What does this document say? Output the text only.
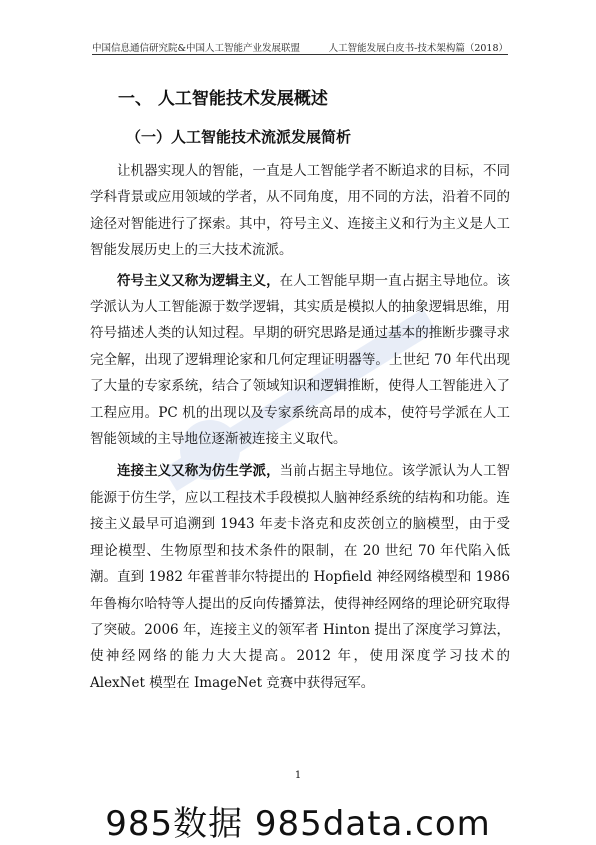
中国信息通信研究院&中国人工智能产业发展联盟	人工智能发展白皮书-技术架构篇（2018）
一、 人工智能技术发展概述
（一）人工智能技术流派发展简析

让机器实现人的智能，一直是人工智能学者不断追求的目标，不同学科背景或应用领域的学者，从不同角度，用不同的方法，沿着不同的途径对智能进行了探索。其中，符号主义、连接主义和行为主义是人工智能发展历史上的三大技术流派。

符号主义又称为逻辑主义，在人工智能早期一直占据主导地位。该学派认为人工智能源于数学逻辑，其实质是模拟人的抽象逻辑思维，用符号描述人类的认知过程。早期的研究思路是通过基本的推断步骤寻求完全解，出现了逻辑理论家和几何定理证明器等。上世纪 70 年代出现了大量的专家系统，结合了领域知识和逻辑推断，使得人工智能进入了工程应用。PC 机的出现以及专家系统高昂的成本，使符号学派在人工智能领域的主导地位逐渐被连接主义取代。

连接主义又称为仿生学派，当前占据主导地位。该学派认为人工智能源于仿生学，应以工程技术手段模拟人脑神经系统的结构和功能。连接主义最早可追溯到 1943 年麦卡洛克和皮茨创立的脑模型，由于受理论模型、生物原型和技术条件的限制，在 20 世纪 70 年代陷入低潮。直到 1982 年霍普菲尔特提出的 Hopfield 神经网络模型和 1986 年鲁梅尔哈特等人提出的反向传播算法，使得神经网络的理论研究取得了突破。2006 年，连接主义的领军者 Hinton 提出了深度学习算法，使神经网络的能力大大提高。2012 年，使用深度学习技术的 AlexNet 模型在 ImageNet 竞赛中获得冠军。

1
985数据 985data.com
